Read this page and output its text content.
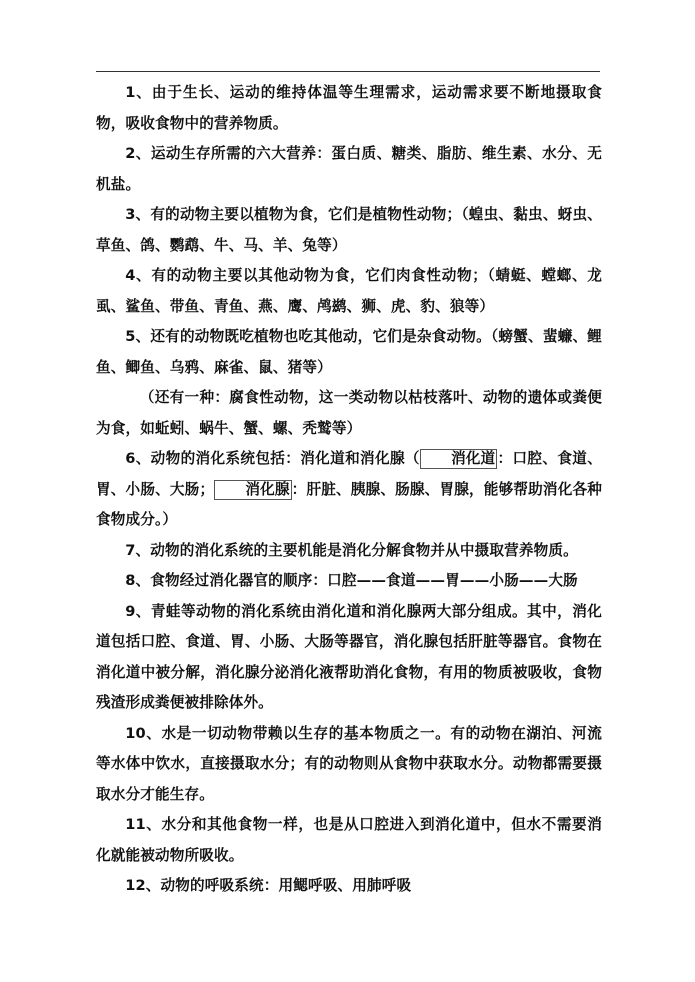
1、由于生长、运动的维持体温等生理需求，运动需求要不断地摄取食物，吸收食物中的营养物质。

2、运动生存所需的六大营养：蛋白质、糖类、脂肪、维生素、水分、无机盐。

3、有的动物主要以植物为食，它们是植物性动物；（蝗虫、黏虫、蚜虫、草鱼、鸽、鹦鹉、牛、马、羊、兔等）

4、有的动物主要以其他动物为食，它们肉食性动物；（蜻蜓、螳螂、龙虱、鲨鱼、带鱼、青鱼、燕、鹰、鸬鹚、狮、虎、豹、狼等）

5、还有的动物既吃植物也吃其他动，它们是杂食动物。（螃蟹、蜚蠊、鲤鱼、鲫鱼、乌鸦、麻雀、鼠、猪等）

（还有一种：腐食性动物，这一类动物以枯枝落叶、动物的遗体或粪便为食，如蚯蚓、蜗牛、蟹、螺、秃鹫等）

6、动物的消化系统包括：消化道和消化腺（ 消化道 ：口腔、食道、胃、小肠、大肠； 消化腺 ：肝脏、胰腺、肠腺、胃腺，能够帮助消化各种食物成分。）

7、动物的消化系统的主要机能是消化分解食物并从中摄取营养物质。

8、食物经过消化器官的顺序：口腔——食道——胃——小肠——大肠

9、青蛙等动物的消化系统由消化道和消化腺两大部分组成。其中，消化道包括口腔、食道、胃、小肠、大肠等器官，消化腺包括肝脏等器官。食物在消化道中被分解，消化腺分泌消化液帮助消化食物，有用的物质被吸收，食物残渣形成粪便被排除体外。

10、水是一切动物带赖以生存的基本物质之一。有的动物在湖泊、河流等水体中饮水，直接摄取水分；有的动物则从食物中获取水分。动物都需要摄取水分才能生存。

11、水分和其他食物一样，也是从口腔进入到消化道中，但水不需要消化就能被动物所吸收。

12、动物的呼吸系统：用鳃呼吸、用肺呼吸
